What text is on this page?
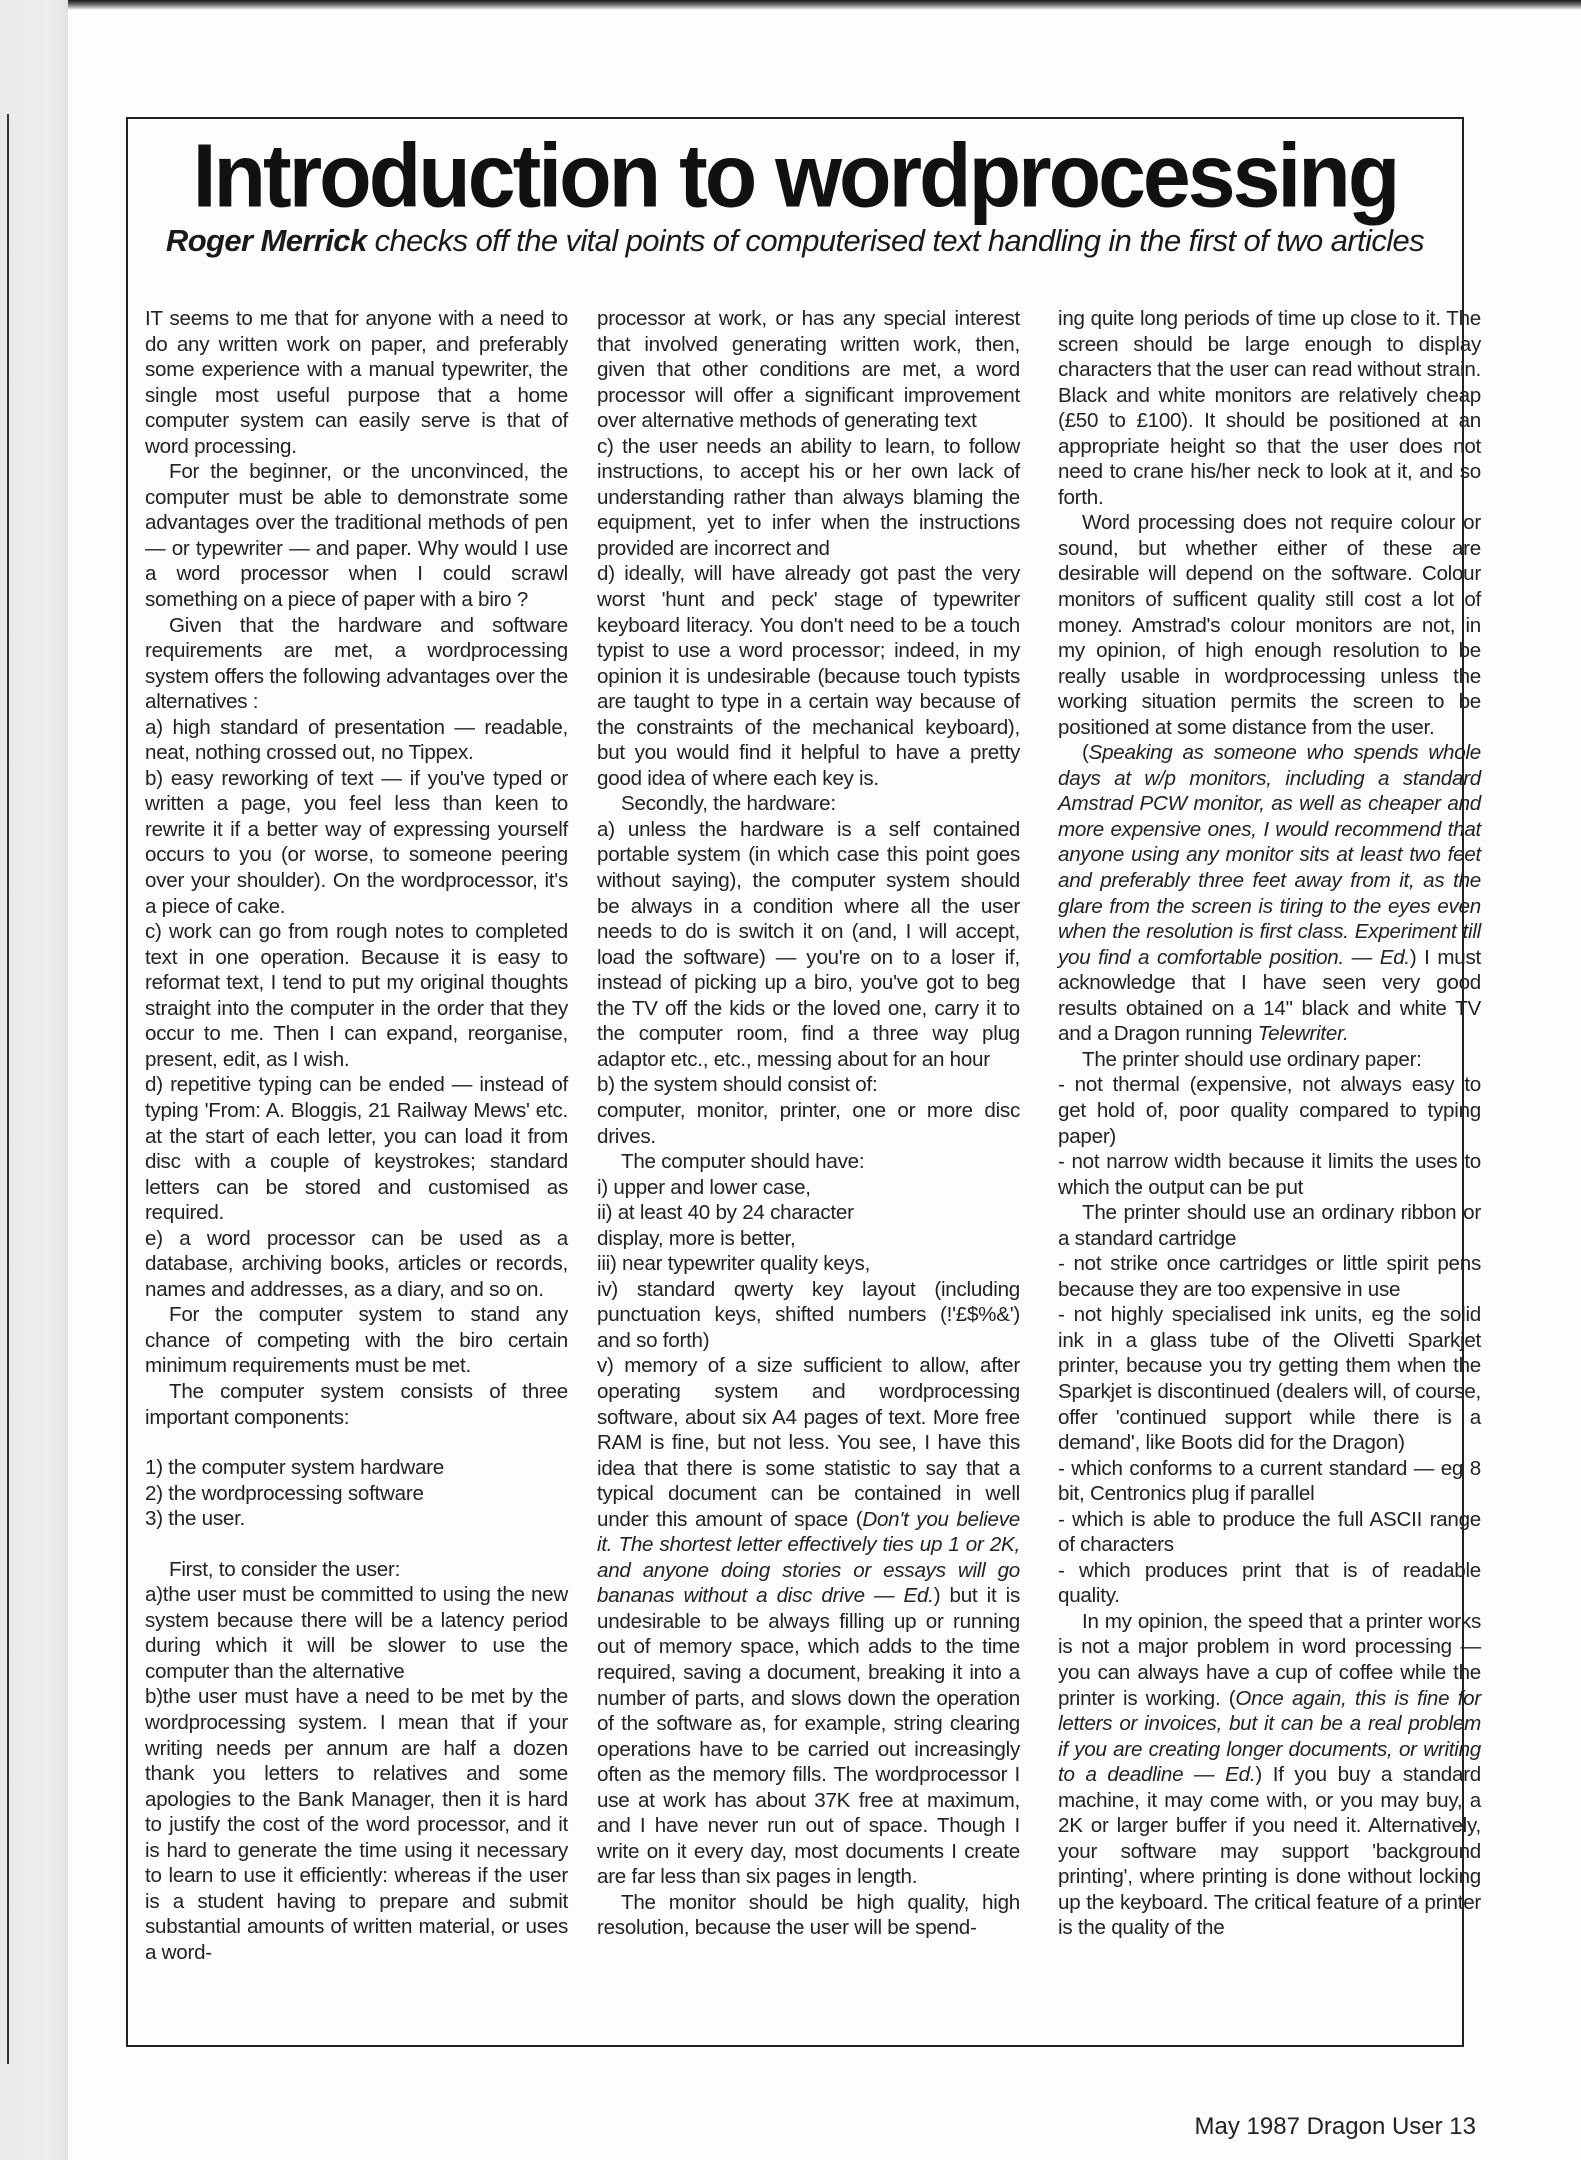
Introduction to wordprocessing
Roger Merrick checks off the vital points of computerised text handling in the first of two articles

IT seems to me that for anyone with a need to do any written work on paper, and preferably some experience with a manual typewriter, the single most useful purpose that a home computer system can easily serve is that of word processing.

For the beginner, or the unconvinced, the computer must be able to demonstrate some advantages over the traditional methods of pen — or typewriter — and paper. Why would I use a word processor when I could scrawl something on a piece of paper with a biro ?

Given that the hardware and software requirements are met, a wordprocessing system offers the following advantages over the alternatives :

a) high standard of presentation — readable, neat, nothing crossed out, no Tippex.

b) easy reworking of text — if you've typed or written a page, you feel less than keen to rewrite it if a better way of expressing yourself occurs to you (or worse, to someone peering over your shoulder). On the wordprocessor, it's a piece of cake.

c) work can go from rough notes to completed text in one operation. Because it is easy to reformat text, I tend to put my original thoughts straight into the computer in the order that they occur to me. Then I can expand, reorganise, present, edit, as I wish.

d) repetitive typing can be ended — instead of typing 'From: A. Bloggis, 21 Railway Mews' etc. at the start of each letter, you can load it from disc with a couple of keystrokes; standard letters can be stored and customised as required.

e) a word processor can be used as a database, archiving books, articles or records, names and addresses, as a diary, and so on.

For the computer system to stand any chance of competing with the biro certain minimum requirements must be met.

The computer system consists of three important components:

1) the computer system hardware

2) the wordprocessing software

3) the user.

First, to consider the user:

a)the user must be committed to using the new system because there will be a latency period during which it will be slower to use the computer than the alternative

b)the user must have a need to be met by the wordprocessing system. I mean that if your writing needs per annum are half a dozen thank you letters to relatives and some apologies to the Bank Manager, then it is hard to justify the cost of the word processor, and it is hard to generate the time using it necessary to learn to use it efficiently: whereas if the user is a student having to prepare and submit substantial amounts of written material, or uses a word-

processor at work, or has any special interest that involved generating written work, then, given that other conditions are met, a word processor will offer a significant improvement over alternative methods of generating text

c) the user needs an ability to learn, to follow instructions, to accept his or her own lack of understanding rather than always blaming the equipment, yet to infer when the instructions provided are incorrect and

d) ideally, will have already got past the very worst 'hunt and peck' stage of typewriter keyboard literacy. You don't need to be a touch typist to use a word processor; indeed, in my opinion it is undesirable (because touch typists are taught to type in a certain way because of the constraints of the mechanical keyboard), but you would find it helpful to have a pretty good idea of where each key is.

Secondly, the hardware:

a) unless the hardware is a self contained portable system (in which case this point goes without saying), the computer system should be always in a condition where all the user needs to do is switch it on (and, I will accept, load the software) — you're on to a loser if, instead of picking up a biro, you've got to beg the TV off the kids or the loved one, carry it to the computer room, find a three way plug adaptor etc., etc., messing about for an hour

b) the system should consist of:

computer, monitor, printer, one or more disc drives.

The computer should have:

i) upper and lower case,

ii) at least 40 by 24 character

display, more is better,

iii) near typewriter quality keys,

iv) standard qwerty key layout (including punctuation keys, shifted numbers (!'£$%&') and so forth)

v) memory of a size sufficient to allow, after operating system and wordprocessing software, about six A4 pages of text. More free RAM is fine, but not less. You see, I have this idea that there is some statistic to say that a typical document can be contained in well under this amount of space (Don't you believe it. The shortest letter effectively ties up 1 or 2K, and anyone doing stories or essays will go bananas without a disc drive — Ed.) but it is undesirable to be always filling up or running out of memory space, which adds to the time required, saving a document, breaking it into a number of parts, and slows down the operation of the software as, for example, string clearing operations have to be carried out increasingly often as the memory fills. The wordprocessor I use at work has about 37K free at maximum, and I have never run out of space. Though I write on it every day, most documents I create are far less than six pages in length.

The monitor should be high quality, high resolution, because the user will be spend-

ing quite long periods of time up close to it. The screen should be large enough to display characters that the user can read without strain. Black and white monitors are relatively cheap (£50 to £100). It should be positioned at an appropriate height so that the user does not need to crane his/her neck to look at it, and so forth.

Word processing does not require colour or sound, but whether either of these are desirable will depend on the software. Colour monitors of sufficent quality still cost a lot of money. Amstrad's colour monitors are not, in my opinion, of high enough resolution to be really usable in wordprocessing unless the working situation permits the screen to be positioned at some distance from the user.

(Speaking as someone who spends whole days at w/p monitors, including a standard Amstrad PCW monitor, as well as cheaper and more expensive ones, I would recommend that anyone using any monitor sits at least two feet and preferably three feet away from it, as the glare from the screen is tiring to the eyes even when the resolution is first class. Experiment till you find a comfortable position. — Ed.) I must acknowledge that I have seen very good results obtained on a 14" black and white TV and a Dragon running Telewriter.

The printer should use ordinary paper:

- not thermal (expensive, not always easy to get hold of, poor quality compared to typing paper)

- not narrow width because it limits the uses to which the output can be put

The printer should use an ordinary ribbon or a standard cartridge

- not strike once cartridges or little spirit pens because they are too expensive in use

- not highly specialised ink units, eg the solid ink in a glass tube of the Olivetti Sparkjet printer, because you try getting them when the Sparkjet is discontinued (dealers will, of course, offer 'continued support while there is a demand', like Boots did for the Dragon)

- which conforms to a current standard — eg 8 bit, Centronics plug if parallel

- which is able to produce the full ASCII range of characters

- which produces print that is of readable quality.

In my opinion, the speed that a printer works is not a major problem in word processing — you can always have a cup of coffee while the printer is working. (Once again, this is fine for letters or invoices, but it can be a real problem if you are creating longer documents, or writing to a deadline — Ed.) If you buy a standard machine, it may come with, or you may buy, a 2K or larger buffer if you need it. Alternatively, your software may support 'background printing', where printing is done without locking up the keyboard. The critical feature of a printer is the quality of the

May 1987 Dragon User 13
